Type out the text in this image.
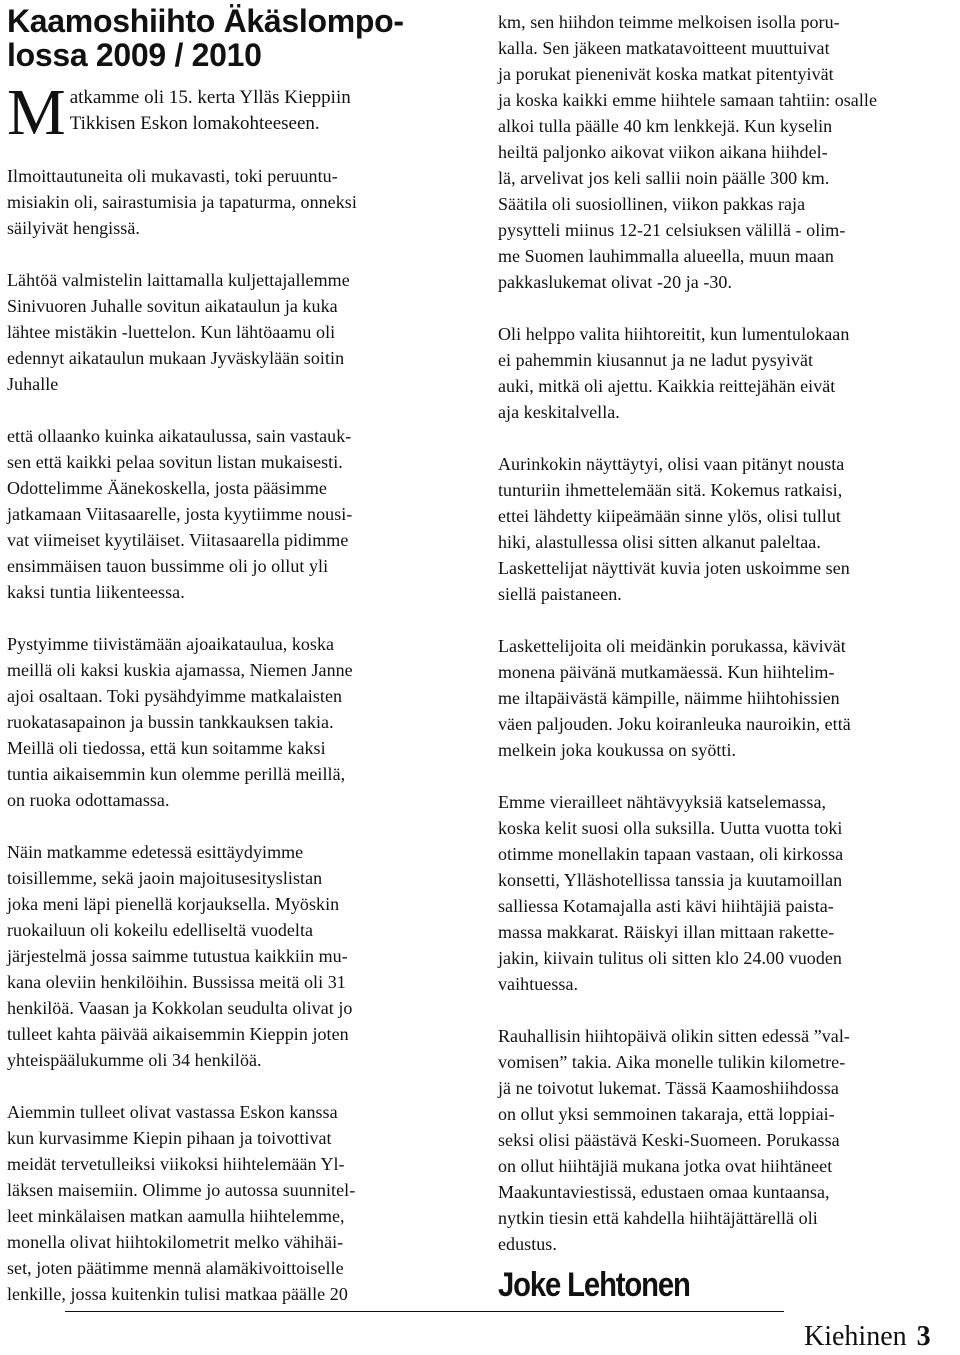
Kaamoshiihto Äkäslompo-
lossa 2009 / 2010
M atkamme oli 15. kerta Ylläs Kieppiin
Tikkisen Eskon lomakohteeseen.

Ilmoittautuneita oli mukavasti, toki peruuntu-
misiakin oli, sairastumisia ja tapaturma, onneksi
säilyivät hengissä.

Lähtöä valmistelin laittamalla kuljettajallemme
Sinivuoren Juhalle sovitun aikataulun ja kuka
lähtee mistäkin -luettelon. Kun lähtöaamu oli
edennyt aikataulun mukaan Jyväskylään soitin
Juhalle

että ollaanko kuinka aikataulussa, sain vastauk-
sen että kaikki pelaa sovitun listan mukaisesti.
Odottelimme Äänekoskella, josta pääsimme
jatkamaan Viitasaarelle, josta kyytiimme nousi-
vat viimeiset kyytiläiset. Viitasaarella pidimme
ensimmäisen tauon bussimme oli jo ollut yli
kaksi tuntia liikenteessa.

Pystyimme tiivistämään ajoaikataulua, koska
meillä oli kaksi kuskia ajamassa, Niemen Janne
ajoi osaltaan. Toki pysähdyimme matkalaisten
ruokatasapainon ja bussin tankkauksen takia.
Meillä oli tiedossa, että kun soitamme kaksi
tuntia aikaisemmin kun olemme perillä meillä,
on ruoka odottamassa.

Näin matkamme edetessä esittäydyimme
toisillemme, sekä jaoin majoitusesityslistan
joka meni läpi pienellä korjauksella. Myöskin
ruokailuun oli kokeilu edelliseltä vuodelta
järjestelmä jossa saimme tutustua kaikkiin mu-
kana oleviin henkilöihin. Bussissa meitä oli 31
henkilöä. Vaasan ja Kokkolan seudulta olivat jo
tulleet kahta päivää aikaisemmin Kieppin joten
yhteispäälukumme oli 34 henkilöä.

Aiemmin tulleet olivat vastassa Eskon kanssa
kun kurvasimme Kiepin pihaan ja toivottivat
meidät tervetulleiksi viikoksi hiihtelemään Yl-
läksen maisemiin. Olimme jo autossa suunnitel-
leet minkälaisen matkan aamulla hiihtelemme,
monella olivat hiihtokilometrit melko vähihäi-
set, joten päätimme mennä alamäkivoittoiselle
lenkille, jossa kuitenkin tulisi matkaa päälle 20

km, sen hiihdon teimme melkoisen isolla poru-
kalla. Sen jäkeen matkatavoitteent muuttuivat
ja porukat pienenivät koska matkat pitentyivät
ja koska kaikki emme hiihtele samaan tahtiin: osalle
alkoi tulla päälle 40 km lenkkejä. Kun kyselin
heiltä paljonko aikovat viikon aikana hiihdel-
lä, arvelivat jos keli sallii noin päälle 300 km.
Säätila oli suosiollinen, viikon pakkas raja
pysytteli miinus 12-21 celsiuksen välillä - olim-
me Suomen lauhimmalla alueella, muun maan
pakkaslukemat olivat -20 ja -30.

Oli helppo valita hiihtoreitit, kun lumentulokaan
ei pahemmin kiusannut ja ne ladut pysyivät
auki, mitkä oli ajettu. Kaikkia reittejähän eivät
aja keskitalvella.

Aurinkokin näyttäytyi, olisi vaan pitänyt nousta
tunturiin ihmettelemään sitä. Kokemus ratkaisi,
ettei lähdetty kiipeämään sinne ylös, olisi tullut
hiki, alastullessa olisi sitten alkanut paleltaa.
Laskettelijat näyttivät kuvia joten uskoimme sen
siellä paistaneen.

Laskettelijoita oli meidänkin porukassa, kävivät
monena päivänä mutkamäessä. Kun hiihtelim-
me iltapäivästä kämpille, näimme hiihtohissien
väen paljouden. Joku koiranleuka nauroikin, että
melkein joka koukussa on syötti.

Emme vierailleet nähtävyyksiä katselemassa,
koska kelit suosi olla suksilla. Uutta vuotta toki
otimme monellakin tapaan vastaan, oli kirkossa
konsetti, Ylläshotellissa tanssia ja kuutamoillan
salliessa Kotamajalla asti kävi hiihtäjiä paista-
massa makkarat. Räiskyi illan mittaan rakette-
jakin, kiivain tulitus oli sitten klo 24.00 vuoden
vaihtuessa.

Rauhallisin hiihtopäivä olikin sitten edessä ”val-
vomisen” takia. Aika monelle tulikin kilometre-
jä ne toivotut lukemat. Tässä Kaamoshiihdossa
on ollut yksi semmoinen takaraja, että loppiai-
seksi olisi päästävä Keski-Suomeen. Porukassa
on ollut hiihtäjiä mukana jotka ovat hiihtäneet
Maakuntaviestissä, edustaen omaa kuntaansa,
nytkin tiesin että kahdella hiihtäjättärellä oli
edustus.

Joke Lehtonen
Kiehinen 3
